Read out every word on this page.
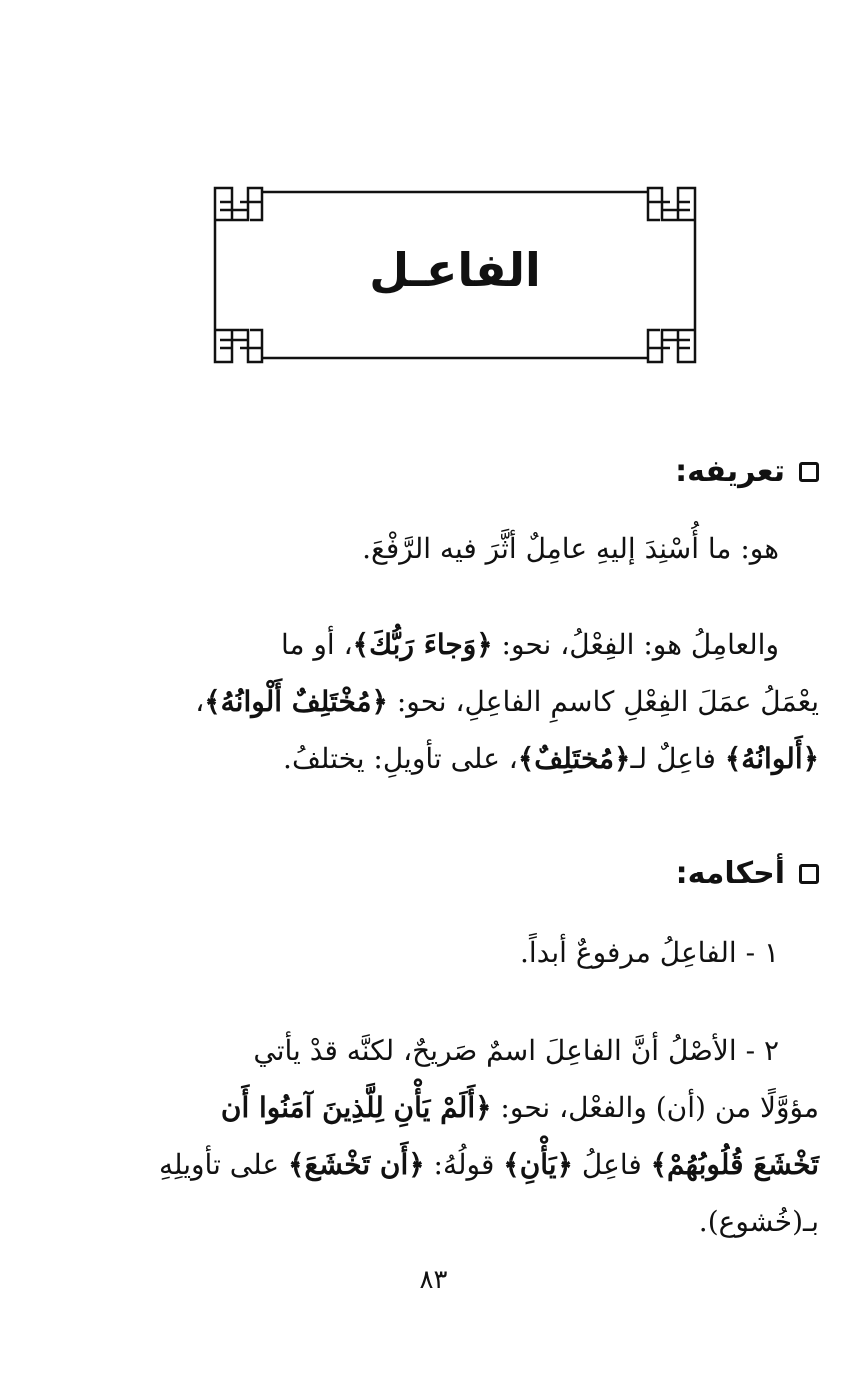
الفاعـل
تعريفه:
هو: ما أُسْنِدَ إليهِ عامِلٌ أثَّرَ فيه الرَّفْعَ.
والعامِلُ هو: الفِعْلُ، نحو: ﴿وَجاءَ رَبُّكَ﴾، أو ما
يعْمَلُ عمَلَ الفِعْلِ كاسمِ الفاعِلِ، نحو: ﴿مُخْتَلِفٌ أَلْوانُهُ﴾،
﴿أَلوانُهُ﴾ فاعِلٌ لـ﴿مُختَلِفٌ﴾، على تأويلِ: يختلفُ.
أحكامه:
١ - الفاعِلُ مرفوعٌ أبداً.
٢ - الأصْلُ أنَّ الفاعِلَ اسمٌ صَريحٌ، لكنَّه قدْ يأتي
مؤوَّلًا من (أن) والفعْل، نحو: ﴿أَلَمْ يَأْنِ لِلَّذِينَ آمَنُوا أَن
تَخْشَعَ قُلُوبُهُمْ﴾ فاعِلُ ﴿يَأْنِ﴾ قولُهُ: ﴿أَن تَخْشَعَ﴾ على تأويلِهِ
بـ(خُشوع).
٨٣
